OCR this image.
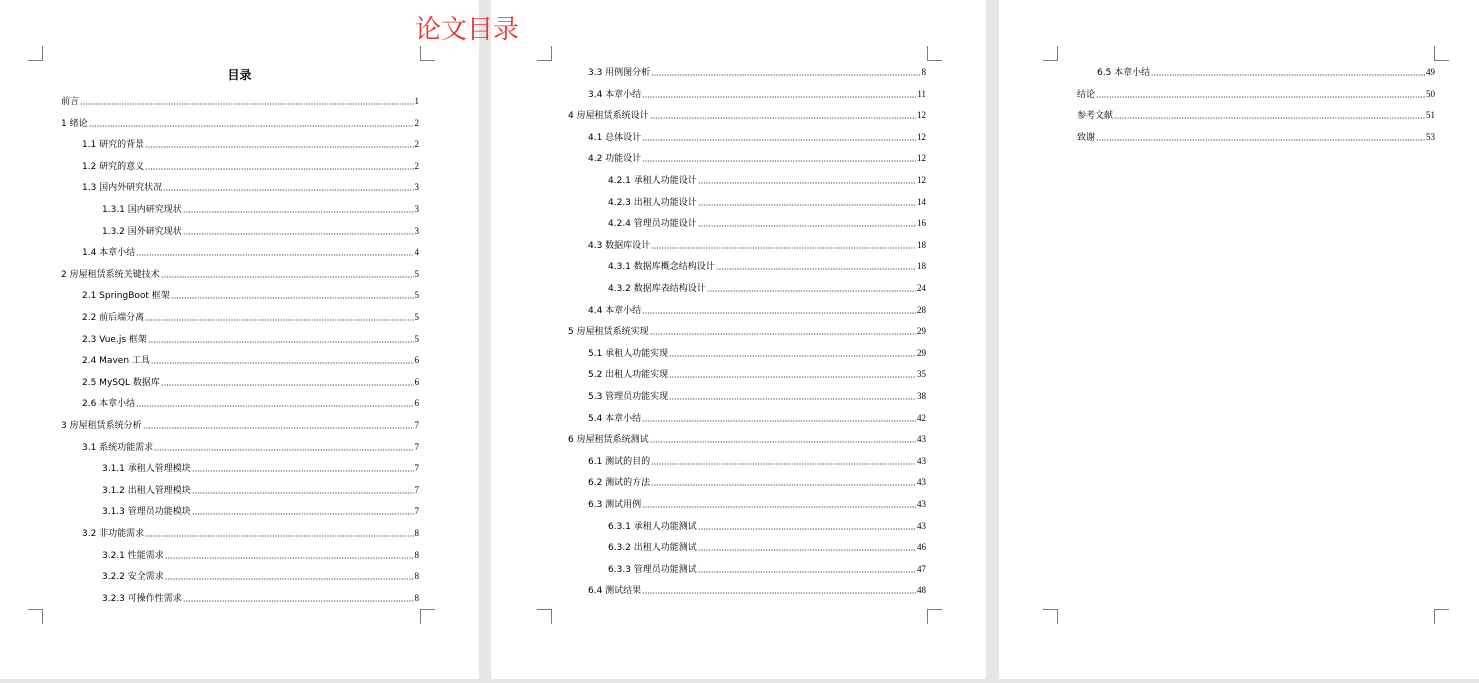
目录
前言	1
1 绪论	2
1.1 研究的背景	2
1.2 研究的意义	2
1.3 国内外研究状况	3
1.3.1 国内研究现状	3
1.3.2 国外研究现状	3
1.4 本章小结	4
2 房屋租赁系统关键技术	5
2.1 SpringBoot 框架	5
2.2 前后端分离	5
2.3 Vue.js 框架	5
2.4 Maven 工具	6
2.5 MySQL 数据库	6
2.6 本章小结	6
3 房屋租赁系统分析	7
3.1 系统功能需求	7
3.1.1 承租人管理模块	7
3.1.2 出租人管理模块	7
3.1.3 管理员功能模块	7
3.2 非功能需求	8
3.2.1 性能需求	8
3.2.2 安全需求	8
3.2.3 可操作性需求	8
3.3 用例图分析	8
3.4 本章小结	11
4 房屋租赁系统设计	12
4.1 总体设计	12
4.2 功能设计	12
4.2.1 承租人功能设计	12
4.2.3 出租人功能设计	14
4.2.4 管理员功能设计	16
4.3 数据库设计	18
4.3.1 数据库概念结构设计	18
4.3.2 数据库表结构设计	24
4.4 本章小结	28
5 房屋租赁系统实现	29
5.1 承租人功能实现	29
5.2 出租人功能实现	35
5.3 管理员功能实现	38
5.4 本章小结	42
6 房屋租赁系统测试	43
6.1 测试的目的	43
6.2 测试的方法	43
6.3 测试用例	43
6.3.1 承租人功能测试	43
6.3.2 出租人功能测试	46
6.3.3 管理员功能测试	47
6.4 测试结果	48
6.5 本章小结	49
结论	50
参考文献	51
致谢	53
论文目录
